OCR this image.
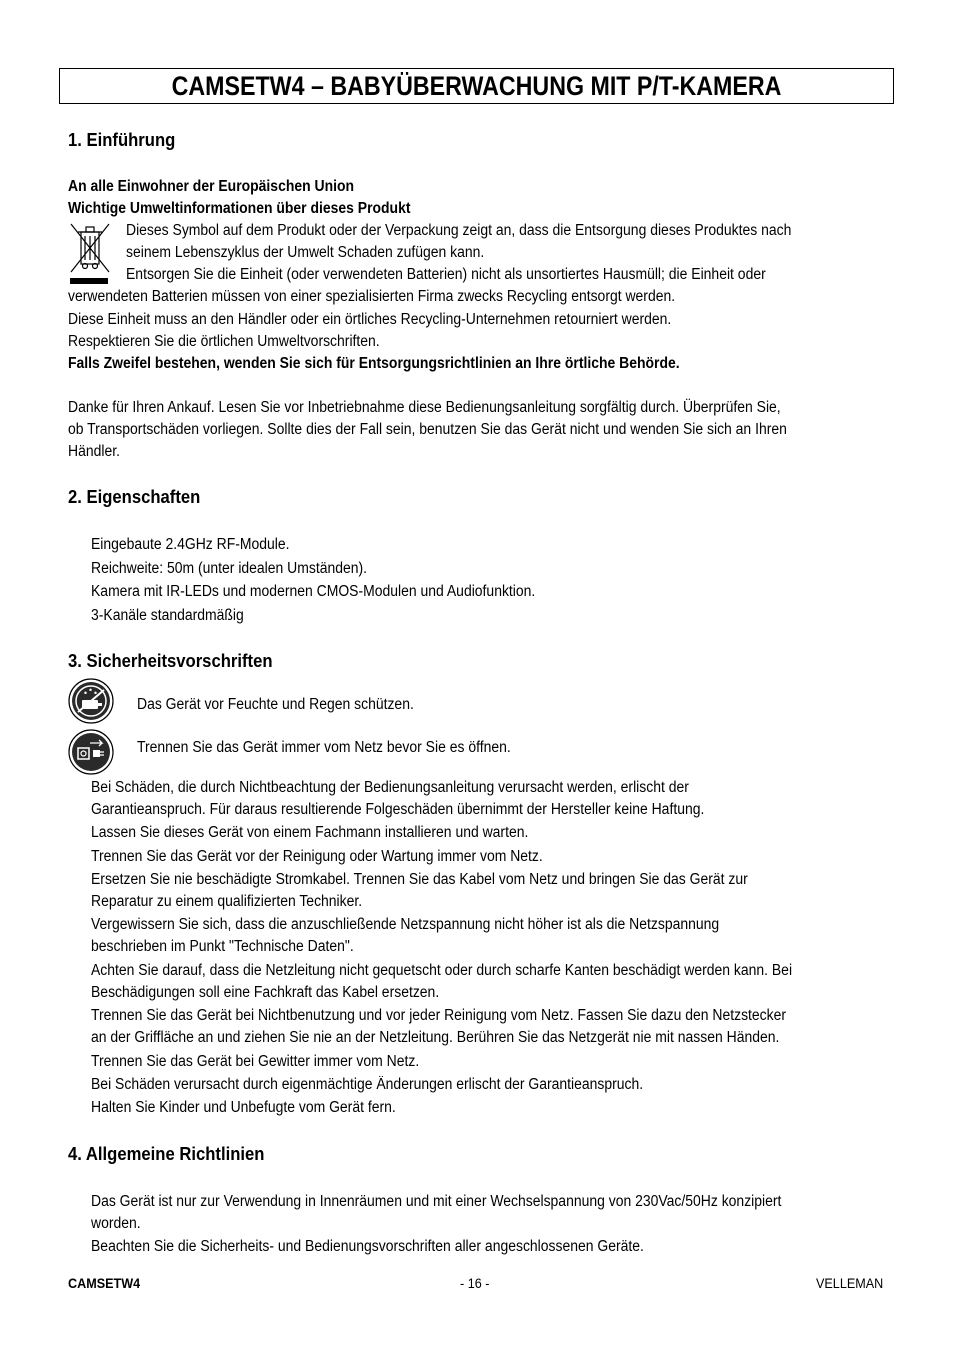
CAMSETW4 – BABYÜBERWACHUNG MIT P/T-KAMERA
1. Einführung
An alle Einwohner der Europäischen Union
Wichtige Umweltinformationen über dieses Produkt
Dieses Symbol auf dem Produkt oder der Verpackung zeigt an, dass die Entsorgung dieses Produktes nach
seinem Lebenszyklus der Umwelt Schaden zufügen kann.
Entsorgen Sie die Einheit (oder verwendeten Batterien) nicht als unsortiertes Hausmüll; die Einheit oder
verwendeten Batterien müssen von einer spezialisierten Firma zwecks Recycling entsorgt werden.
Diese Einheit muss an den Händler oder ein örtliches Recycling-Unternehmen retourniert werden.
Respektieren Sie die örtlichen Umweltvorschriften.
Falls Zweifel bestehen, wenden Sie sich für Entsorgungsrichtlinien an Ihre örtliche Behörde.
Danke für Ihren Ankauf. Lesen Sie vor Inbetriebnahme diese Bedienungsanleitung sorgfältig durch. Überprüfen Sie,
ob Transportschäden vorliegen. Sollte dies der Fall sein, benutzen Sie das Gerät nicht und wenden Sie sich an Ihren
Händler.
2. Eigenschaften
Eingebaute 2.4GHz RF-Module.
Reichweite: 50m (unter idealen Umständen).
Kamera mit IR-LEDs und modernen CMOS-Modulen und Audiofunktion.
3-Kanäle standardmäßig
3. Sicherheitsvorschriften
Das Gerät vor Feuchte und Regen schützen.
Trennen Sie das Gerät immer vom Netz bevor Sie es öffnen.
Bei Schäden, die durch Nichtbeachtung der Bedienungsanleitung verursacht werden, erlischt der
Garantieanspruch. Für daraus resultierende Folgeschäden übernimmt der Hersteller keine Haftung.
Lassen Sie dieses Gerät von einem Fachmann installieren und warten.
Trennen Sie das Gerät vor der Reinigung oder Wartung immer vom Netz.
Ersetzen Sie nie beschädigte Stromkabel. Trennen Sie das Kabel vom Netz und bringen Sie das Gerät zur
Reparatur zu einem qualifizierten Techniker.
Vergewissern Sie sich, dass die anzuschließende Netzspannung nicht höher ist als die Netzspannung
beschrieben im Punkt "Technische Daten".
Achten Sie darauf, dass die Netzleitung nicht gequetscht oder durch scharfe Kanten beschädigt werden kann. Bei
Beschädigungen soll eine Fachkraft das Kabel ersetzen.
Trennen Sie das Gerät bei Nichtbenutzung und vor jeder Reinigung vom Netz. Fassen Sie dazu den Netzstecker
an der Griffläche an und ziehen Sie nie an der Netzleitung. Berühren Sie das Netzgerät nie mit nassen Händen.
Trennen Sie das Gerät bei Gewitter immer vom Netz.
Bei Schäden verursacht durch eigenmächtige Änderungen erlischt der Garantieanspruch.
Halten Sie Kinder und Unbefugte vom Gerät fern.
4. Allgemeine Richtlinien
Das Gerät ist nur zur Verwendung in Innenräumen und mit einer Wechselspannung von 230Vac/50Hz konzipiert
worden.
Beachten Sie die Sicherheits- und Bedienungsvorschriften aller angeschlossenen Geräte.
CAMSETW4	- 16 -	VELLEMAN
